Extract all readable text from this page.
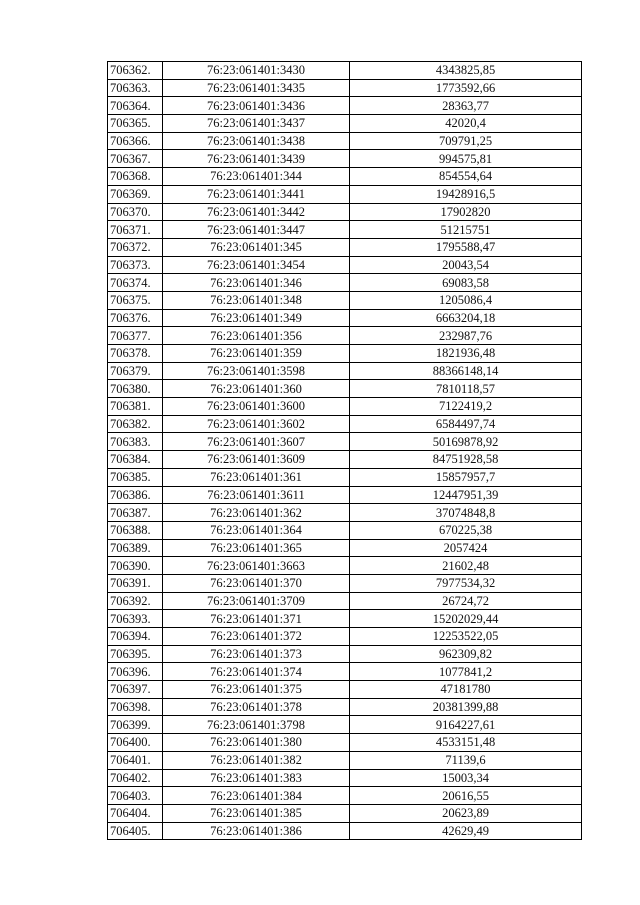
706362.	76:23:061401:3430	4343825,85
706363.	76:23:061401:3435	1773592,66
706364.	76:23:061401:3436	28363,77
706365.	76:23:061401:3437	42020,4
706366.	76:23:061401:3438	709791,25
706367.	76:23:061401:3439	994575,81
706368.	76:23:061401:344	854554,64
706369.	76:23:061401:3441	19428916,5
706370.	76:23:061401:3442	17902820
706371.	76:23:061401:3447	51215751
706372.	76:23:061401:345	1795588,47
706373.	76:23:061401:3454	20043,54
706374.	76:23:061401:346	69083,58
706375.	76:23:061401:348	1205086,4
706376.	76:23:061401:349	6663204,18
706377.	76:23:061401:356	232987,76
706378.	76:23:061401:359	1821936,48
706379.	76:23:061401:3598	88366148,14
706380.	76:23:061401:360	7810118,57
706381.	76:23:061401:3600	7122419,2
706382.	76:23:061401:3602	6584497,74
706383.	76:23:061401:3607	50169878,92
706384.	76:23:061401:3609	84751928,58
706385.	76:23:061401:361	15857957,7
706386.	76:23:061401:3611	12447951,39
706387.	76:23:061401:362	37074848,8
706388.	76:23:061401:364	670225,38
706389.	76:23:061401:365	2057424
706390.	76:23:061401:3663	21602,48
706391.	76:23:061401:370	7977534,32
706392.	76:23:061401:3709	26724,72
706393.	76:23:061401:371	15202029,44
706394.	76:23:061401:372	12253522,05
706395.	76:23:061401:373	962309,82
706396.	76:23:061401:374	1077841,2
706397.	76:23:061401:375	47181780
706398.	76:23:061401:378	20381399,88
706399.	76:23:061401:3798	9164227,61
706400.	76:23:061401:380	4533151,48
706401.	76:23:061401:382	71139,6
706402.	76:23:061401:383	15003,34
706403.	76:23:061401:384	20616,55
706404.	76:23:061401:385	20623,89
706405.	76:23:061401:386	42629,49
